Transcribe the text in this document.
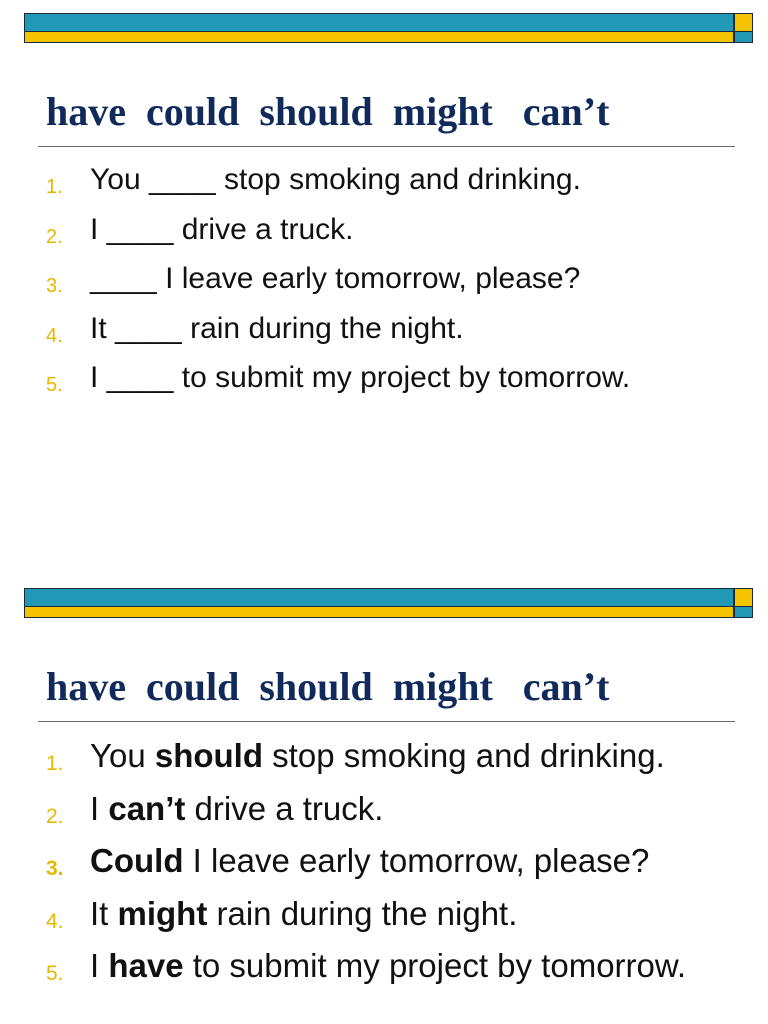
have  could  should  might   can’t
1. You ____ stop smoking and drinking.
2. I ____ drive a truck.
3. ____ I leave early tomorrow, please?
4. It ____ rain during the night.
5. I ____ to submit my project by tomorrow.
have  could  should  might   can’t
1. You should stop smoking and drinking.
2. I can’t drive a truck.
3. Could I leave early tomorrow, please?
4. It might rain during the night.
5. I have to submit my project by tomorrow.
